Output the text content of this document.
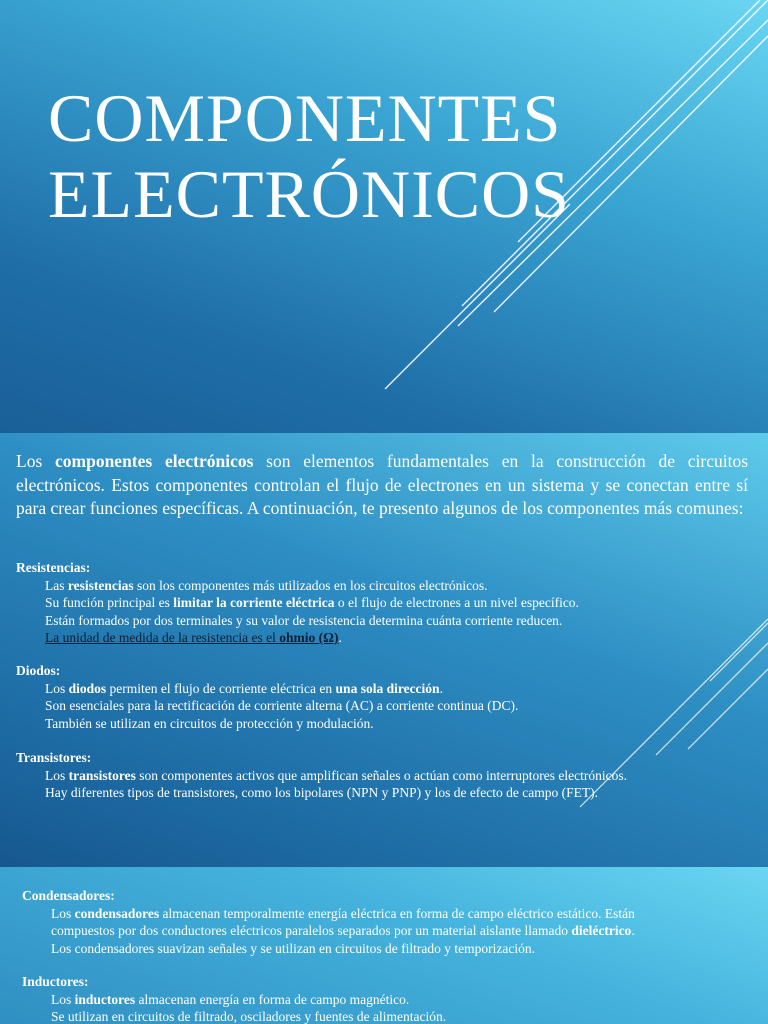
COMPONENTES
ELECTRÓNICOS

Los componentes electrónicos son elementos fundamentales en la construcción de circuitos electrónicos. Estos componentes controlan el flujo de electrones en un sistema y se conectan entre sí para crear funciones específicas. A continuación, te presento algunos de los componentes más comunes:

Resistencias:

Las resistencias son los componentes más utilizados en los circuitos electrónicos.

Su función principal es limitar la corriente eléctrica o el flujo de electrones a un nivel específico.

Están formados por dos terminales y su valor de resistencia determina cuánta corriente reducen.

La unidad de medida de la resistencia es el ohmio (Ω).

Diodos:

Los diodos permiten el flujo de corriente eléctrica en una sola dirección.

Son esenciales para la rectificación de corriente alterna (AC) a corriente continua (DC).

También se utilizan en circuitos de protección y modulación.

Transistores:

Los transistores son componentes activos que amplifican señales o actúan como interruptores electrónicos.

Hay diferentes tipos de transistores, como los bipolares (NPN y PNP) y los de efecto de campo (FET).

Condensadores:

Los condensadores almacenan temporalmente energía eléctrica en forma de campo eléctrico estático. Están

compuestos por dos conductores eléctricos paralelos separados por un material aislante llamado dieléctrico.

Los condensadores suavizan señales y se utilizan en circuitos de filtrado y temporización.

Inductores:

Los inductores almacenan energía en forma de campo magnético.

Se utilizan en circuitos de filtrado, osciladores y fuentes de alimentación.
